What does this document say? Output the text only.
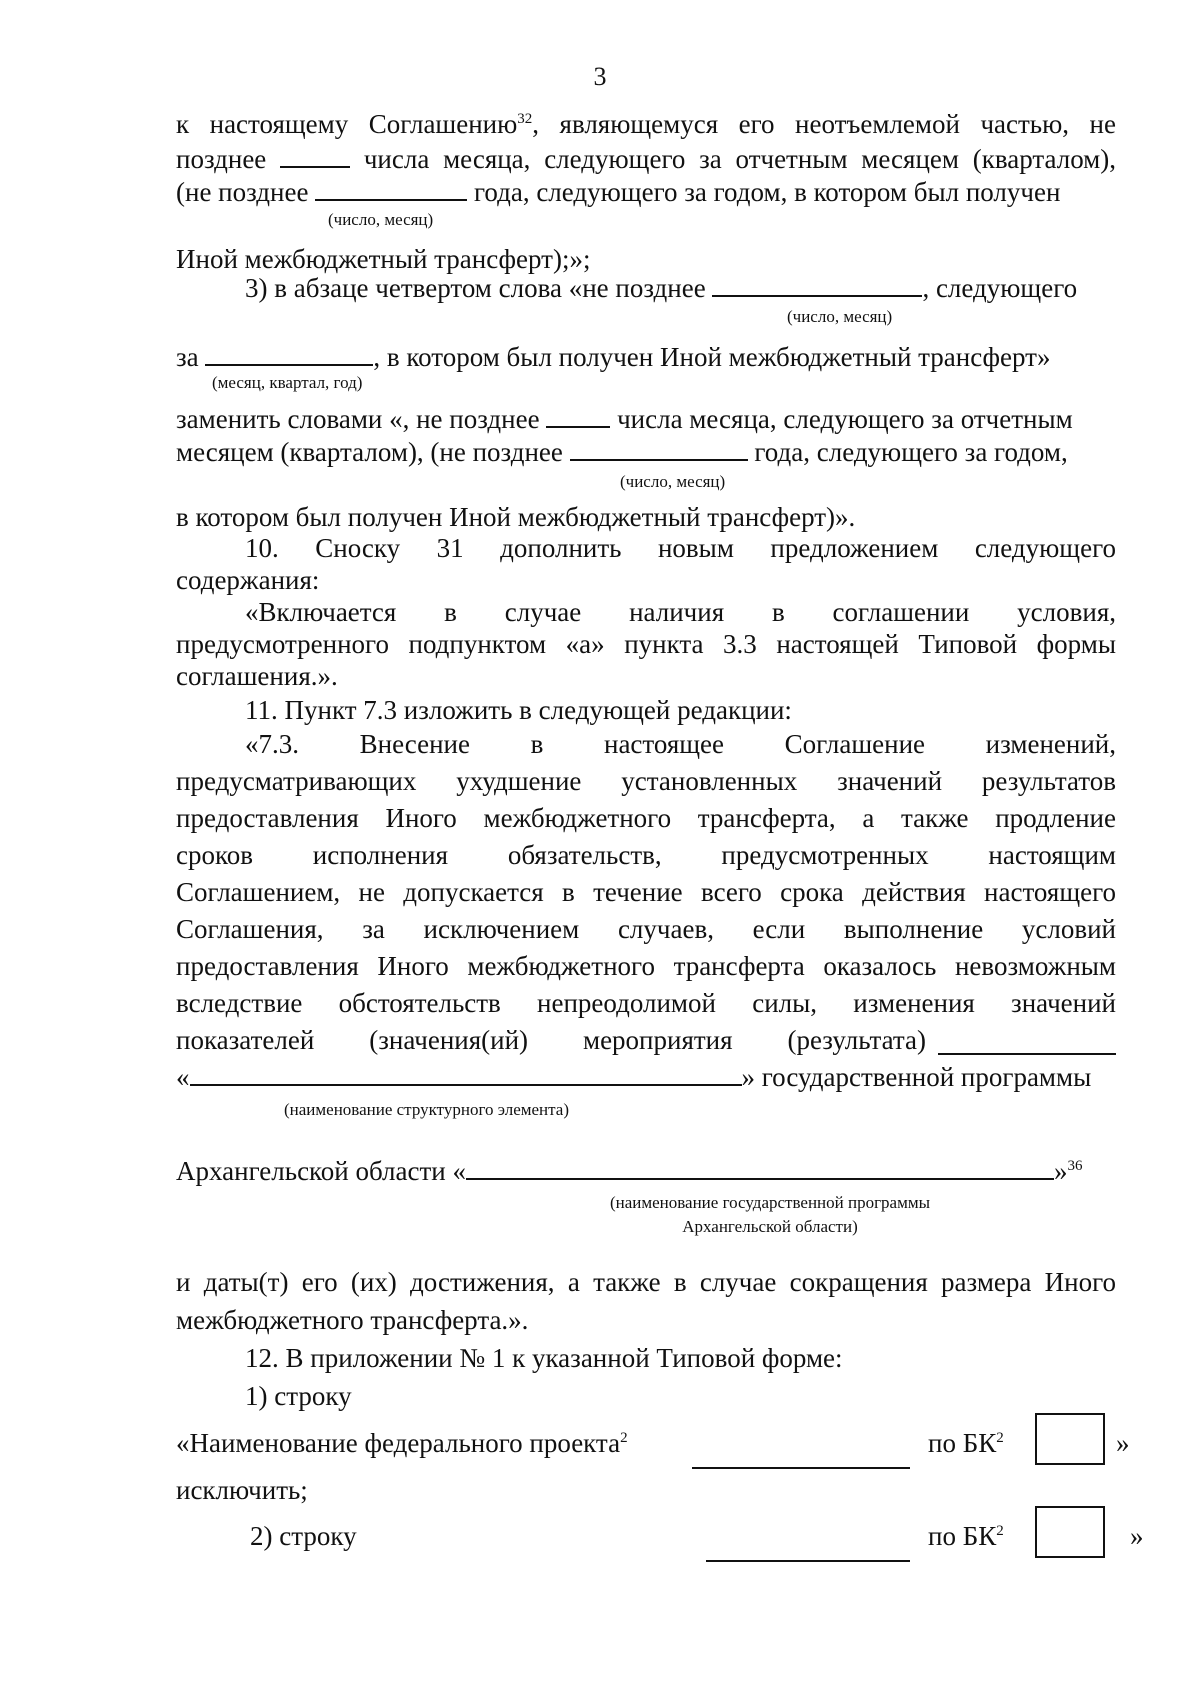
3
к настоящему Соглашению$^{32}$, являющемуся его неотъемлемой частью, не
позднее	числа месяца, следующего за отчетным месяцем (кварталом),
(не позднее	года, следующего за годом, в котором был получен
(число, месяц)
Иной межбюджетный трансферт);»;
3) в абзаце четвертом слова «не позднее	, следующего
(число, месяц)
за	, в котором был получен Иной межбюджетный трансферт»
(месяц, квартал, год)
заменить словами «, не позднее	числа месяца, следующего за отчетным
месяцем (кварталом), (не позднее	года, следующего за годом,
(число, месяц)
в котором был получен Иной межбюджетный трансферт)».
10. Сноску 31 дополнить новым предложением следующего
содержания:
«Включается в случае наличия в соглашении условия,
предусмотренного подпунктом «а» пункта 3.3 настоящей Типовой формы
соглашения.».
11. Пункт 7.3 изложить в следующей редакции:
«7.3. Внесение в настоящее Соглашение изменений,
предусматривающих ухудшение установленных значений результатов
предоставления Иного межбюджетного трансферта, а также продление
сроков исполнения обязательств, предусмотренных настоящим
Соглашением, не допускается в течение всего срока действия настоящего
Соглашения, за исключением случаев, если выполнение условий
предоставления Иного межбюджетного трансферта оказалось невозможным
вследствие обстоятельств непреодолимой силы, изменения значений
показателей (значения(ий) мероприятия (результата)
«	» государственной программы
(наименование структурного элемента)
Архангельской области «	»$^{36}$
(наименование государственной программы
Архангельской области)
и даты(т) его (их) достижения, а также в случае сокращения размера Иного
межбюджетного трансферта.».
12. В приложении № 1 к указанной Типовой форме:
1) строку
«Наименование федерального проекта$^2$	по $БК^2$	»
исключить;
2) строку	по $БК^2$	»
